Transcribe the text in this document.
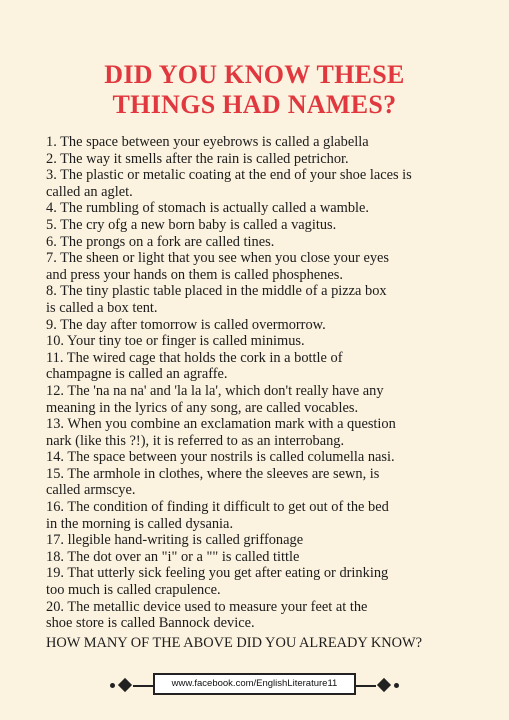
DID YOU KNOW THESE
THINGS HAD NAMES?
1. The space between your eyebrows is called a glabella
2. The way it smells after the rain is called petrichor.
3. The plastic or metalic coating at the end of your shoe laces is
called an aglet.
4. The rumbling of stomach is actually called a wamble.
5. The cry ofg a new born baby is called a vagitus.
6. The prongs on a fork are called tines.
7. The sheen or light that you see when you close your eyes
and press your hands on them is called phosphenes.
8. The tiny plastic table placed in the middle of a pizza box
is called a box tent.
9. The day after tomorrow is called overmorrow.
10. Your tiny toe or finger is called minimus.
11. The wired cage that holds the cork in a bottle of
champagne is called an agraffe.
12. The 'na na na' and 'la la la', which don't really have any
meaning in the lyrics of any song, are called vocables.
13. When you combine an exclamation mark with a question
nark (like this ?!), it is referred to as an interrobang.
14. The space between your nostrils is called columella nasi.
15. The armhole in clothes, where the sleeves are sewn, is
called armscye.
16. The condition of finding it difficult to get out of the bed
in the morning is called dysania.
17. llegible hand-writing is called griffonage
18. The dot over an "i" or a "" is called tittle
19. That utterly sick feeling you get after eating or drinking
too much is called crapulence.
20. The metallic device used to measure your feet at the
shoe store is called Bannock device.
HOW MANY OF THE ABOVE DID YOU ALREADY KNOW?
www.facebook.com/EnglishLiterature11
